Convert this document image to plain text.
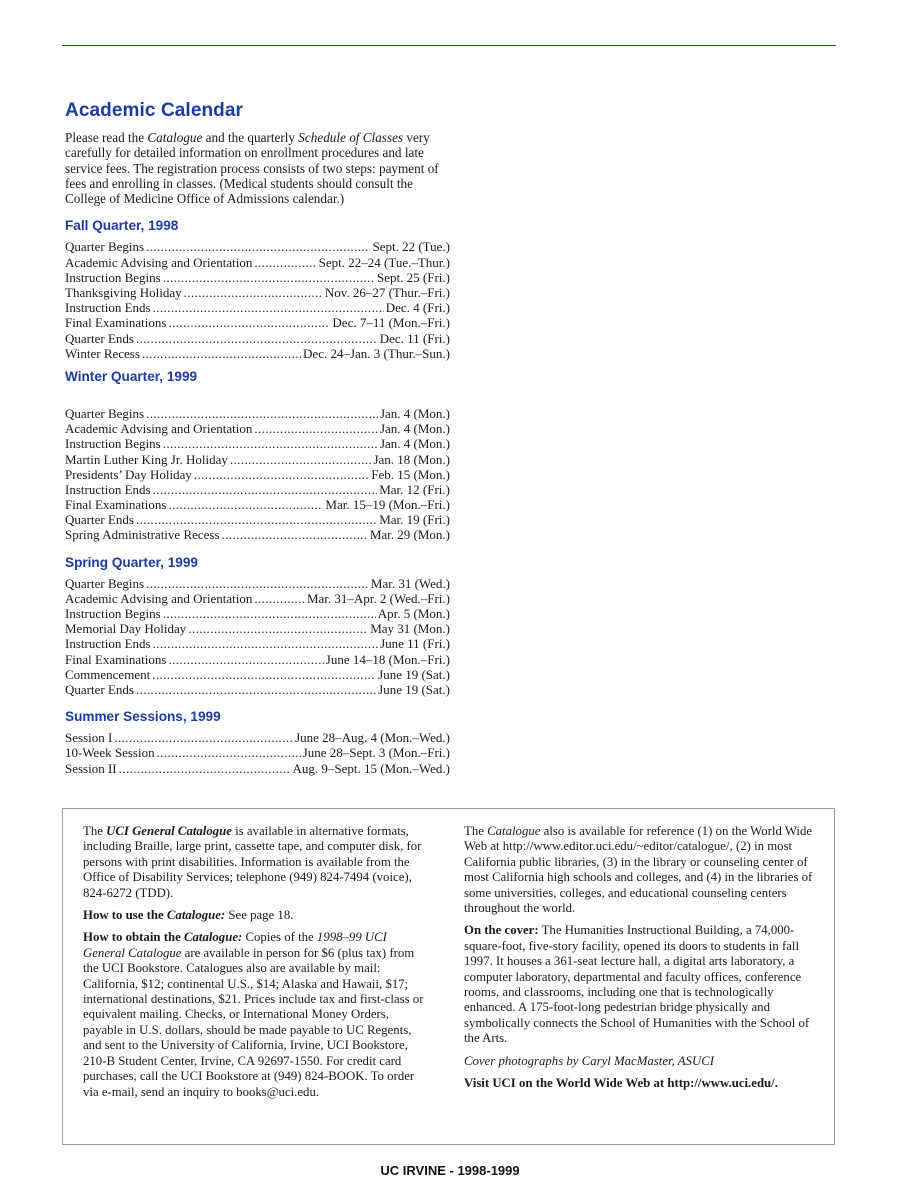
Academic Calendar

Please read the Catalogue and the quarterly Schedule of Classes very carefully for detailed information on enrollment procedures and late service fees. The registration process consists of two steps: payment of fees and enrolling in classes. (Medical students should consult the College of Medicine Office of Admissions calendar.)

Fall Quarter, 1998
Quarter Begins .....	Sept. 22 (Tue.)
Academic Advising and Orientation .....	Sept. 22–24 (Tue.–Thur.)
Instruction Begins .....	Sept. 25 (Fri.)
Thanksgiving Holiday .....	Nov. 26–27 (Thur.–Fri.)
Instruction Ends .....	Dec. 4 (Fri.)
Final Examinations .....	Dec. 7–11 (Mon.–Fri.)
Quarter Ends .....	Dec. 11 (Fri.)
Winter Recess .....	Dec. 24–Jan. 3 (Thur.–Sun.)
Winter Quarter, 1999
Quarter Begins .....	Jan. 4 (Mon.)
Academic Advising and Orientation .....	Jan. 4 (Mon.)
Instruction Begins .....	Jan. 4 (Mon.)
Martin Luther King Jr. Holiday .....	Jan. 18 (Mon.)
Presidents’ Day Holiday .....	Feb. 15 (Mon.)
Instruction Ends .....	Mar. 12 (Fri.)
Final Examinations .....	Mar. 15–19 (Mon.–Fri.)
Quarter Ends .....	Mar. 19 (Fri.)
Spring Administrative Recess .....	Mar. 29 (Mon.)
Spring Quarter, 1999
Quarter Begins .....	Mar. 31 (Wed.)
Academic Advising and Orientation .....	Mar. 31–Apr. 2 (Wed.–Fri.)
Instruction Begins .....	Apr. 5 (Mon.)
Memorial Day Holiday .....	May 31 (Mon.)
Instruction Ends .....	June 11 (Fri.)
Final Examinations .....	June 14–18 (Mon.–Fri.)
Commencement .....	June 19 (Sat.)
Quarter Ends .....	June 19 (Sat.)
Summer Sessions, 1999
Session I .....	June 28–Aug. 4 (Mon.–Wed.)
10-Week Session .....	June 28–Sept. 3 (Mon.–Fri.)
Session II .....	Aug. 9–Sept. 15 (Mon.–Wed.)

The UCI General Catalogue is available in alternative formats, including Braille, large print, cassette tape, and computer disk, for persons with print disabilities. Information is available from the Office of Disability Services; telephone (949) 824-7494 (voice), 824-6272 (TDD).

How to use the Catalogue: See page 18.

How to obtain the Catalogue: Copies of the 1998–99 UCI General Catalogue are available in person for $6 (plus tax) from the UCI Bookstore. Catalogues also are available by mail: California, $12; continental U.S., $14; Alaska and Hawaii, $17; international destinations, $21. Prices include tax and first-class or equivalent mailing. Checks, or International Money Orders, payable in U.S. dollars, should be made payable to UC Regents, and sent to the University of California, Irvine, UCI Bookstore, 210-B Student Center, Irvine, CA 92697-1550. For credit card purchases, call the UCI Bookstore at (949) 824-BOOK. To order via e-mail, send an inquiry to books@uci.edu.

The Catalogue also is available for reference (1) on the World Wide Web at http://www.editor.uci.edu/~editor/catalogue/, (2) in most California public libraries, (3) in the library or counseling center of most California high schools and colleges, and (4) in the libraries of some universities, colleges, and educational counseling centers throughout the world.

On the cover: The Humanities Instructional Building, a 74,000-square-foot, five-story facility, opened its doors to students in fall 1997. It houses a 361-seat lecture hall, a digital arts laboratory, a computer laboratory, departmental and faculty offices, conference rooms, and classrooms, including one that is technologically enhanced. A 175-foot-long pedestrian bridge physically and symbolically connects the School of Humanities with the School of the Arts.

Cover photographs by Caryl MacMaster, ASUCI

Visit UCI on the World Wide Web at http://www.uci.edu/.

UC IRVINE - 1998-1999
